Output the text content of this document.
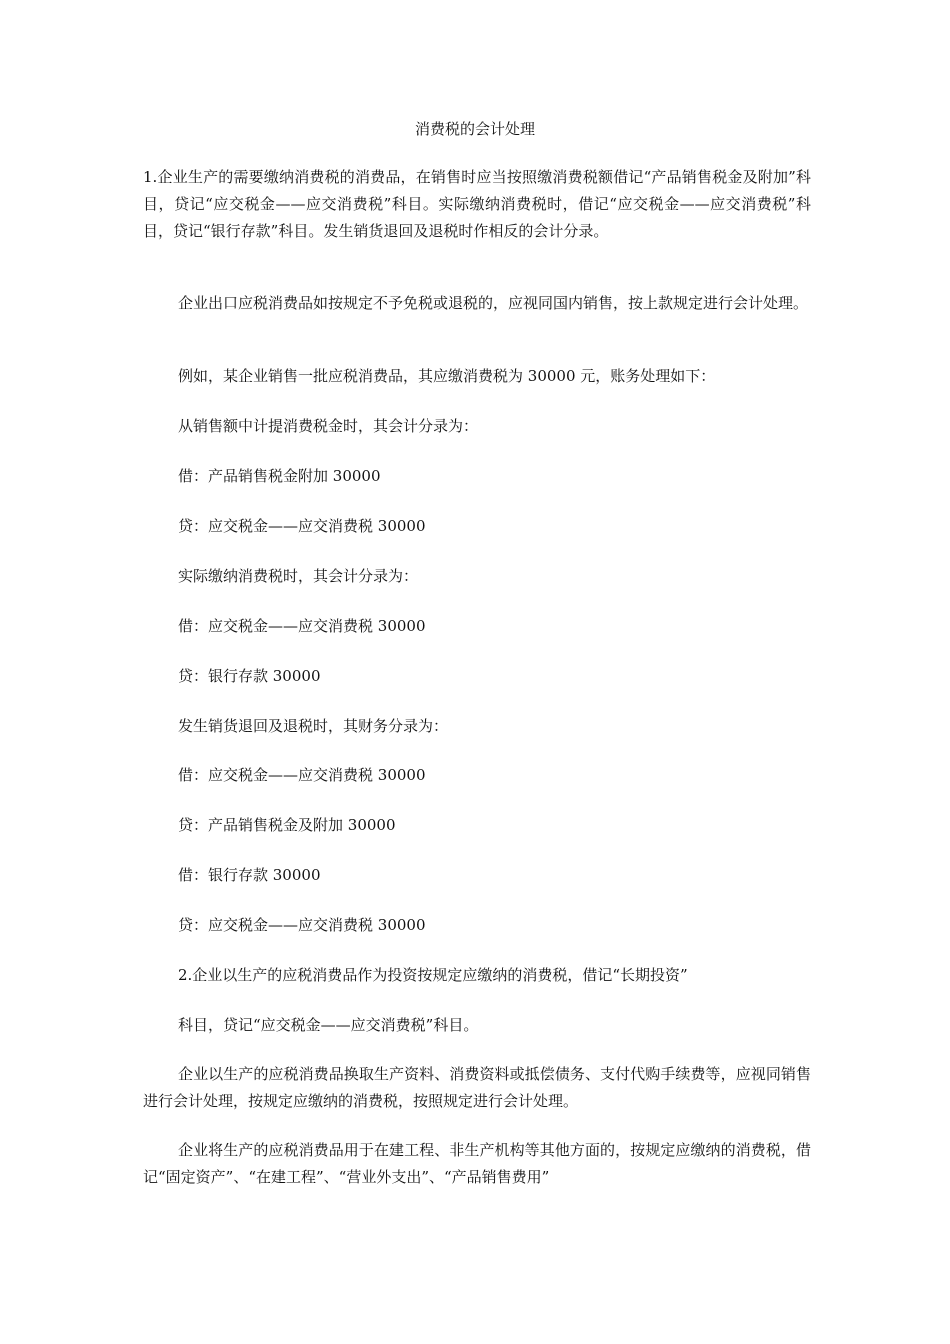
消费税的会计处理
1.企业生产的需要缴纳消费税的消费品，在销售时应当按照缴消费税额借记“产品销售税金及附加”科目，贷记“应交税金——应交消费税”科目。实际缴纳消费税时，借记“应交税金——应交消费税”科目，贷记“银行存款”科目。发生销货退回及退税时作相反的会计分录。
企业出口应税消费品如按规定不予免税或退税的，应视同国内销售，按上款规定进行会计处理。
例如，某企业销售一批应税消费品，其应缴消费税为 30000 元，账务处理如下：
从销售额中计提消费税金时，其会计分录为：
借：产品销售税金附加 30000
贷：应交税金——应交消费税 30000
实际缴纳消费税时，其会计分录为：
借：应交税金——应交消费税 30000
贷：银行存款 30000
发生销货退回及退税时，其财务分录为：
借：应交税金——应交消费税 30000
贷：产品销售税金及附加 30000
借：银行存款 30000
贷：应交税金——应交消费税 30000
2.企业以生产的应税消费品作为投资按规定应缴纳的消费税，借记“长期投资”
科目，贷记“应交税金——应交消费税”科目。
企业以生产的应税消费品换取生产资料、消费资料或抵偿债务、支付代购手续费等，应视同销售进行会计处理，按规定应缴纳的消费税，按照规定进行会计处理。
企业将生产的应税消费品用于在建工程、非生产机构等其他方面的，按规定应缴纳的消费税，借记“固定资产”、“在建工程”、“营业外支出”、“产品销售费用”
